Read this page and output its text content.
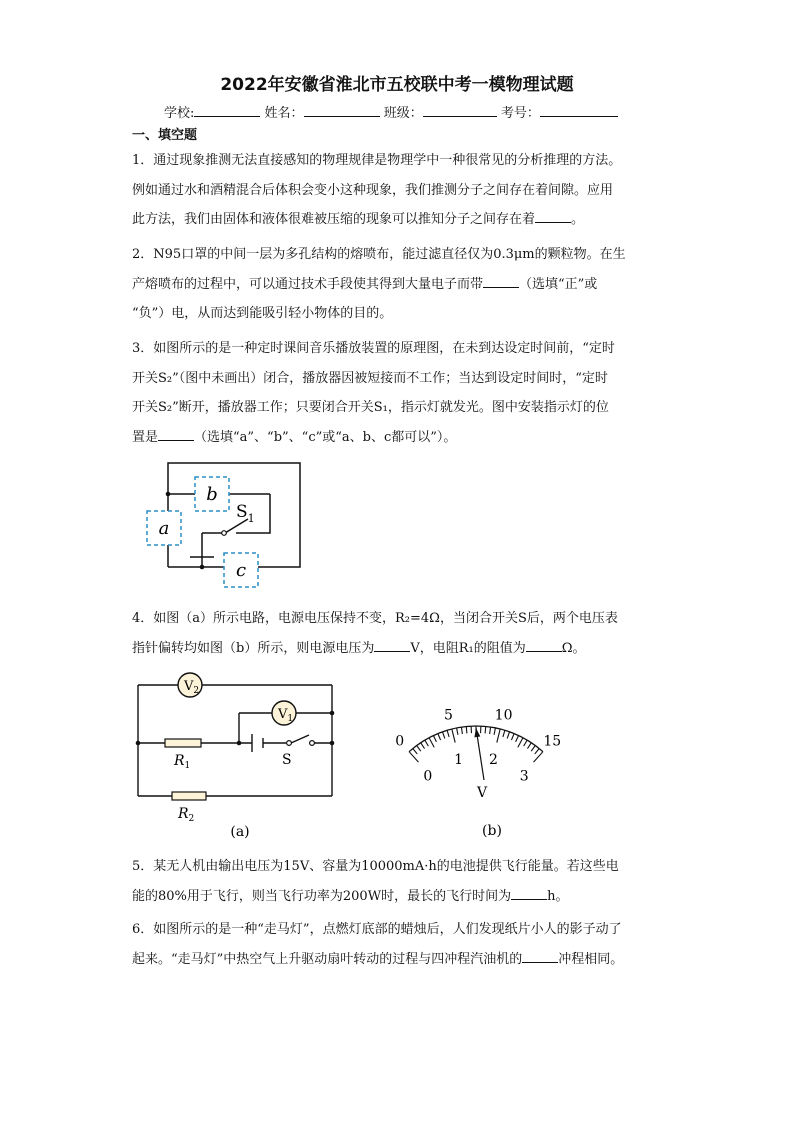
2022年安徽省淮北市五校联中考一模物理试题
学校:	姓名：	班级：	考号：
一、填空题

1．通过现象推测无法直接感知的物理规律是物理学中一种很常见的分析推理的方法。

例如通过水和酒精混合后体积会变小这种现象，我们推测分子之间存在着间隙。应用

此方法，我们由固体和液体很难被压缩的现象可以推知分子之间存在着	。

2．N95口罩的中间一层为多孔结构的熔喷布，能过滤直径仅为0.3μm的颗粒物。在生

产熔喷布的过程中，可以通过技术手段使其得到大量电子而带	（选填“正”或

“负”）电，从而达到能吸引轻小物体的目的。

3．如图所示的是一种定时课间音乐播放装置的原理图，在未到达设定时间前，“定时

开关S₂”（图中未画出）闭合，播放器因被短接而不工作；当达到设定时间时，“定时

开关S₂”断开，播放器工作；只要闭合开关S₁，指示灯就发光。图中安装指示灯的位

置是	（选填“a”、“b”、“c”或“a、b、c都可以”）。

b
a
c
$S_1$

4．如图（a）所示电路，电源电压保持不变，R₂=4Ω，当闭合开关S后，两个电压表

指针偏转均如图（b）所示，则电源电压为	V，电阻R₁的阻值为	Ω。

$V_2$
$V_1$
$R_1$	S
$R_2$
(a)
0
5	10
15
0
1 2
3
V
(b)

5．某无人机由输出电压为15V、容量为10000mA·h的电池提供飞行能量。若这些电

能的80%用于飞行，则当飞行功率为200W时，最长的飞行时间为	h。

6．如图所示的是一种“走马灯”，点燃灯底部的蜡烛后，人们发现纸片小人的影子动了

起来。“走马灯”中热空气上升驱动扇叶转动的过程与四冲程汽油机的	冲程相同。
